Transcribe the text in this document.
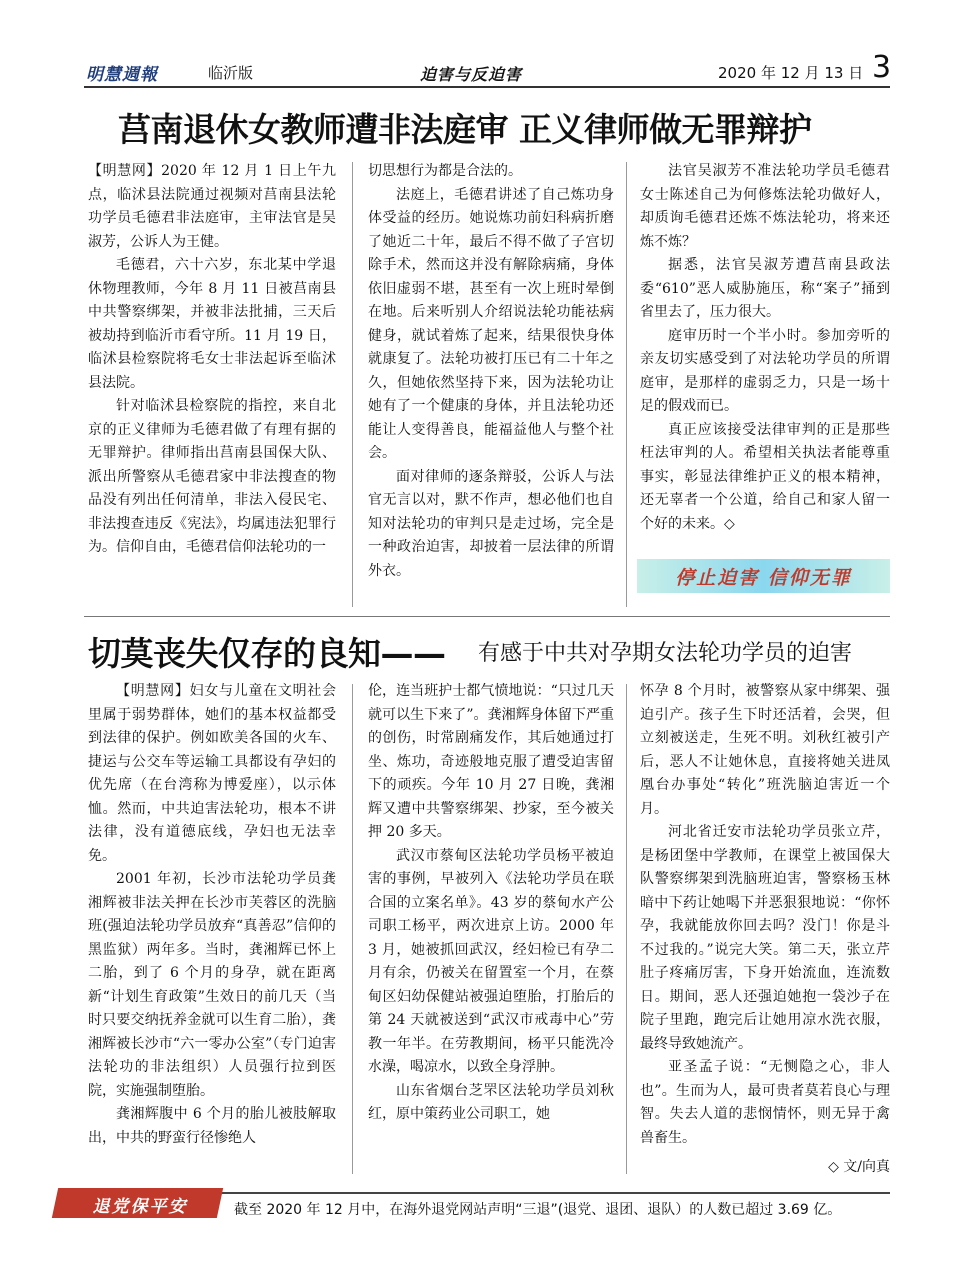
明慧週報	临沂版	迫害与反迫害	2020 年 12 月 13 日 3
莒南退休女教师遭非法庭审 正义律师做无罪辩护

【明慧网】2020 年 12 月 1 日上午九点，临沭县法院通过视频对莒南县法轮功学员毛德君非法庭审，主审法官是吴淑芳，公诉人为王健。

毛德君，六十六岁，东北某中学退休物理教师，今年 8 月 11 日被莒南县中共警察绑架，并被非法批捕，三天后被劫持到临沂市看守所。11 月 19 日，临沭县检察院将毛女士非法起诉至临沭县法院。

针对临沭县检察院的指控，来自北京的正义律师为毛德君做了有理有据的无罪辩护。律师指出莒南县国保大队、派出所警察从毛德君家中非法搜查的物品没有列出任何清单，非法入侵民宅、非法搜查违反《宪法》，均属违法犯罪行为。信仰自由，毛德君信仰法轮功的一

切思想行为都是合法的。

法庭上，毛德君讲述了自己炼功身体受益的经历。她说炼功前妇科病折磨了她近二十年，最后不得不做了子宫切除手术，然而这并没有解除病痛，身体依旧虚弱不堪，甚至有一次上班时晕倒在地。后来听别人介绍说法轮功能祛病健身，就试着炼了起来，结果很快身体就康复了。法轮功被打压已有二十年之久，但她依然坚持下来，因为法轮功让她有了一个健康的身体，并且法轮功还能让人变得善良，能福益他人与整个社会。

面对律师的逐条辩驳，公诉人与法官无言以对，默不作声，想必他们也自知对法轮功的审判只是走过场，完全是一种政治迫害，却披着一层法律的所谓外衣。

法官吴淑芳不准法轮功学员毛德君女士陈述自己为何修炼法轮功做好人，却质询毛德君还炼不炼法轮功，将来还炼不炼？

据悉，法官吴淑芳遭莒南县政法委“610”恶人威胁施压，称“案子”捅到省里去了，压力很大。

庭审历时一个半小时。参加旁听的亲友切实感受到了对法轮功学员的所谓庭审，是那样的虚弱乏力，只是一场十足的假戏而已。

真正应该接受法律审判的正是那些枉法审判的人。希望相关执法者能尊重事实，彰显法律维护正义的根本精神，还无辜者一个公道，给自己和家人留一个好的未来。◇

停止迫害 信仰无罪
切莫丧失仅存的良知—— 有感于中共对孕期女法轮功学员的迫害

【明慧网】妇女与儿童在文明社会里属于弱势群体，她们的基本权益都受到法律的保护。例如欧美各国的火车、捷运与公交车等运输工具都设有孕妇的优先席（在台湾称为博爱座），以示体恤。然而，中共迫害法轮功，根本不讲法律，没有道德底线，孕妇也无法幸免。

2001 年初，长沙市法轮功学员龚湘辉被非法关押在长沙市芙蓉区的洗脑班(强迫法轮功学员放弃“真善忍”信仰的黑监狱）两年多。当时，龚湘辉已怀上二胎，到了 6 个月的身孕，就在距离新“计划生育政策”生效日的前几天（当时只要交纳抚养金就可以生育二胎），龚湘辉被长沙市“六一零办公室”（专门迫害法轮功的非法组织）人员强行拉到医院，实施强制堕胎。

龚湘辉腹中 6 个月的胎儿被肢解取出，中共的野蛮行径惨绝人

伦，连当班护士都气愤地说：“只过几天就可以生下来了”。龚湘辉身体留下严重的创伤，时常剧痛发作，其后她通过打坐、炼功，奇迹般地克服了遭受迫害留下的顽疾。今年 10 月 27 日晚，龚湘辉又遭中共警察绑架、抄家，至今被关押 20 多天。

武汉市蔡甸区法轮功学员杨平被迫害的事例，早被列入《法轮功学员在联合国的立案名单》。43 岁的蔡甸水产公司职工杨平，两次进京上访。2000 年 3 月，她被抓回武汉，经妇检已有孕二月有余，仍被关在留置室一个月，在蔡甸区妇幼保健站被强迫堕胎，打胎后的第 24 天就被送到“武汉市戒毒中心”劳教一年半。在劳教期间，杨平只能洗冷水澡，喝凉水，以致全身浮肿。

山东省烟台芝罘区法轮功学员刘秋红，原中策药业公司职工，她

怀孕 8 个月时，被警察从家中绑架、强迫引产。孩子生下时还活着，会哭，但立刻被送走，生死不明。刘秋红被引产后，恶人不让她休息，直接将她关进凤凰台办事处“转化”班洗脑迫害近一个月。

河北省迁安市法轮功学员张立芹，是杨团堡中学教师，在课堂上被国保大队警察绑架到洗脑班迫害，警察杨玉林暗中下药让她喝下并恶狠狠地说：“你怀孕，我就能放你回去吗？没门！你是斗不过我的。”说完大笑。第二天，张立芹肚子疼痛厉害，下身开始流血，连流数日。期间，恶人还强迫她抱一袋沙子在院子里跑，跑完后让她用凉水洗衣服，最终导致她流产。

亚圣孟子说：“无恻隐之心，非人也”。生而为人，最可贵者莫若良心与理智。失去人道的悲悯情怀，则无异于禽兽畜生。

◇ 文/向真
退党保平安	截至 2020 年 12 月中，在海外退党网站声明“三退”(退党、退团、退队）的人数已超过 3.69 亿。
